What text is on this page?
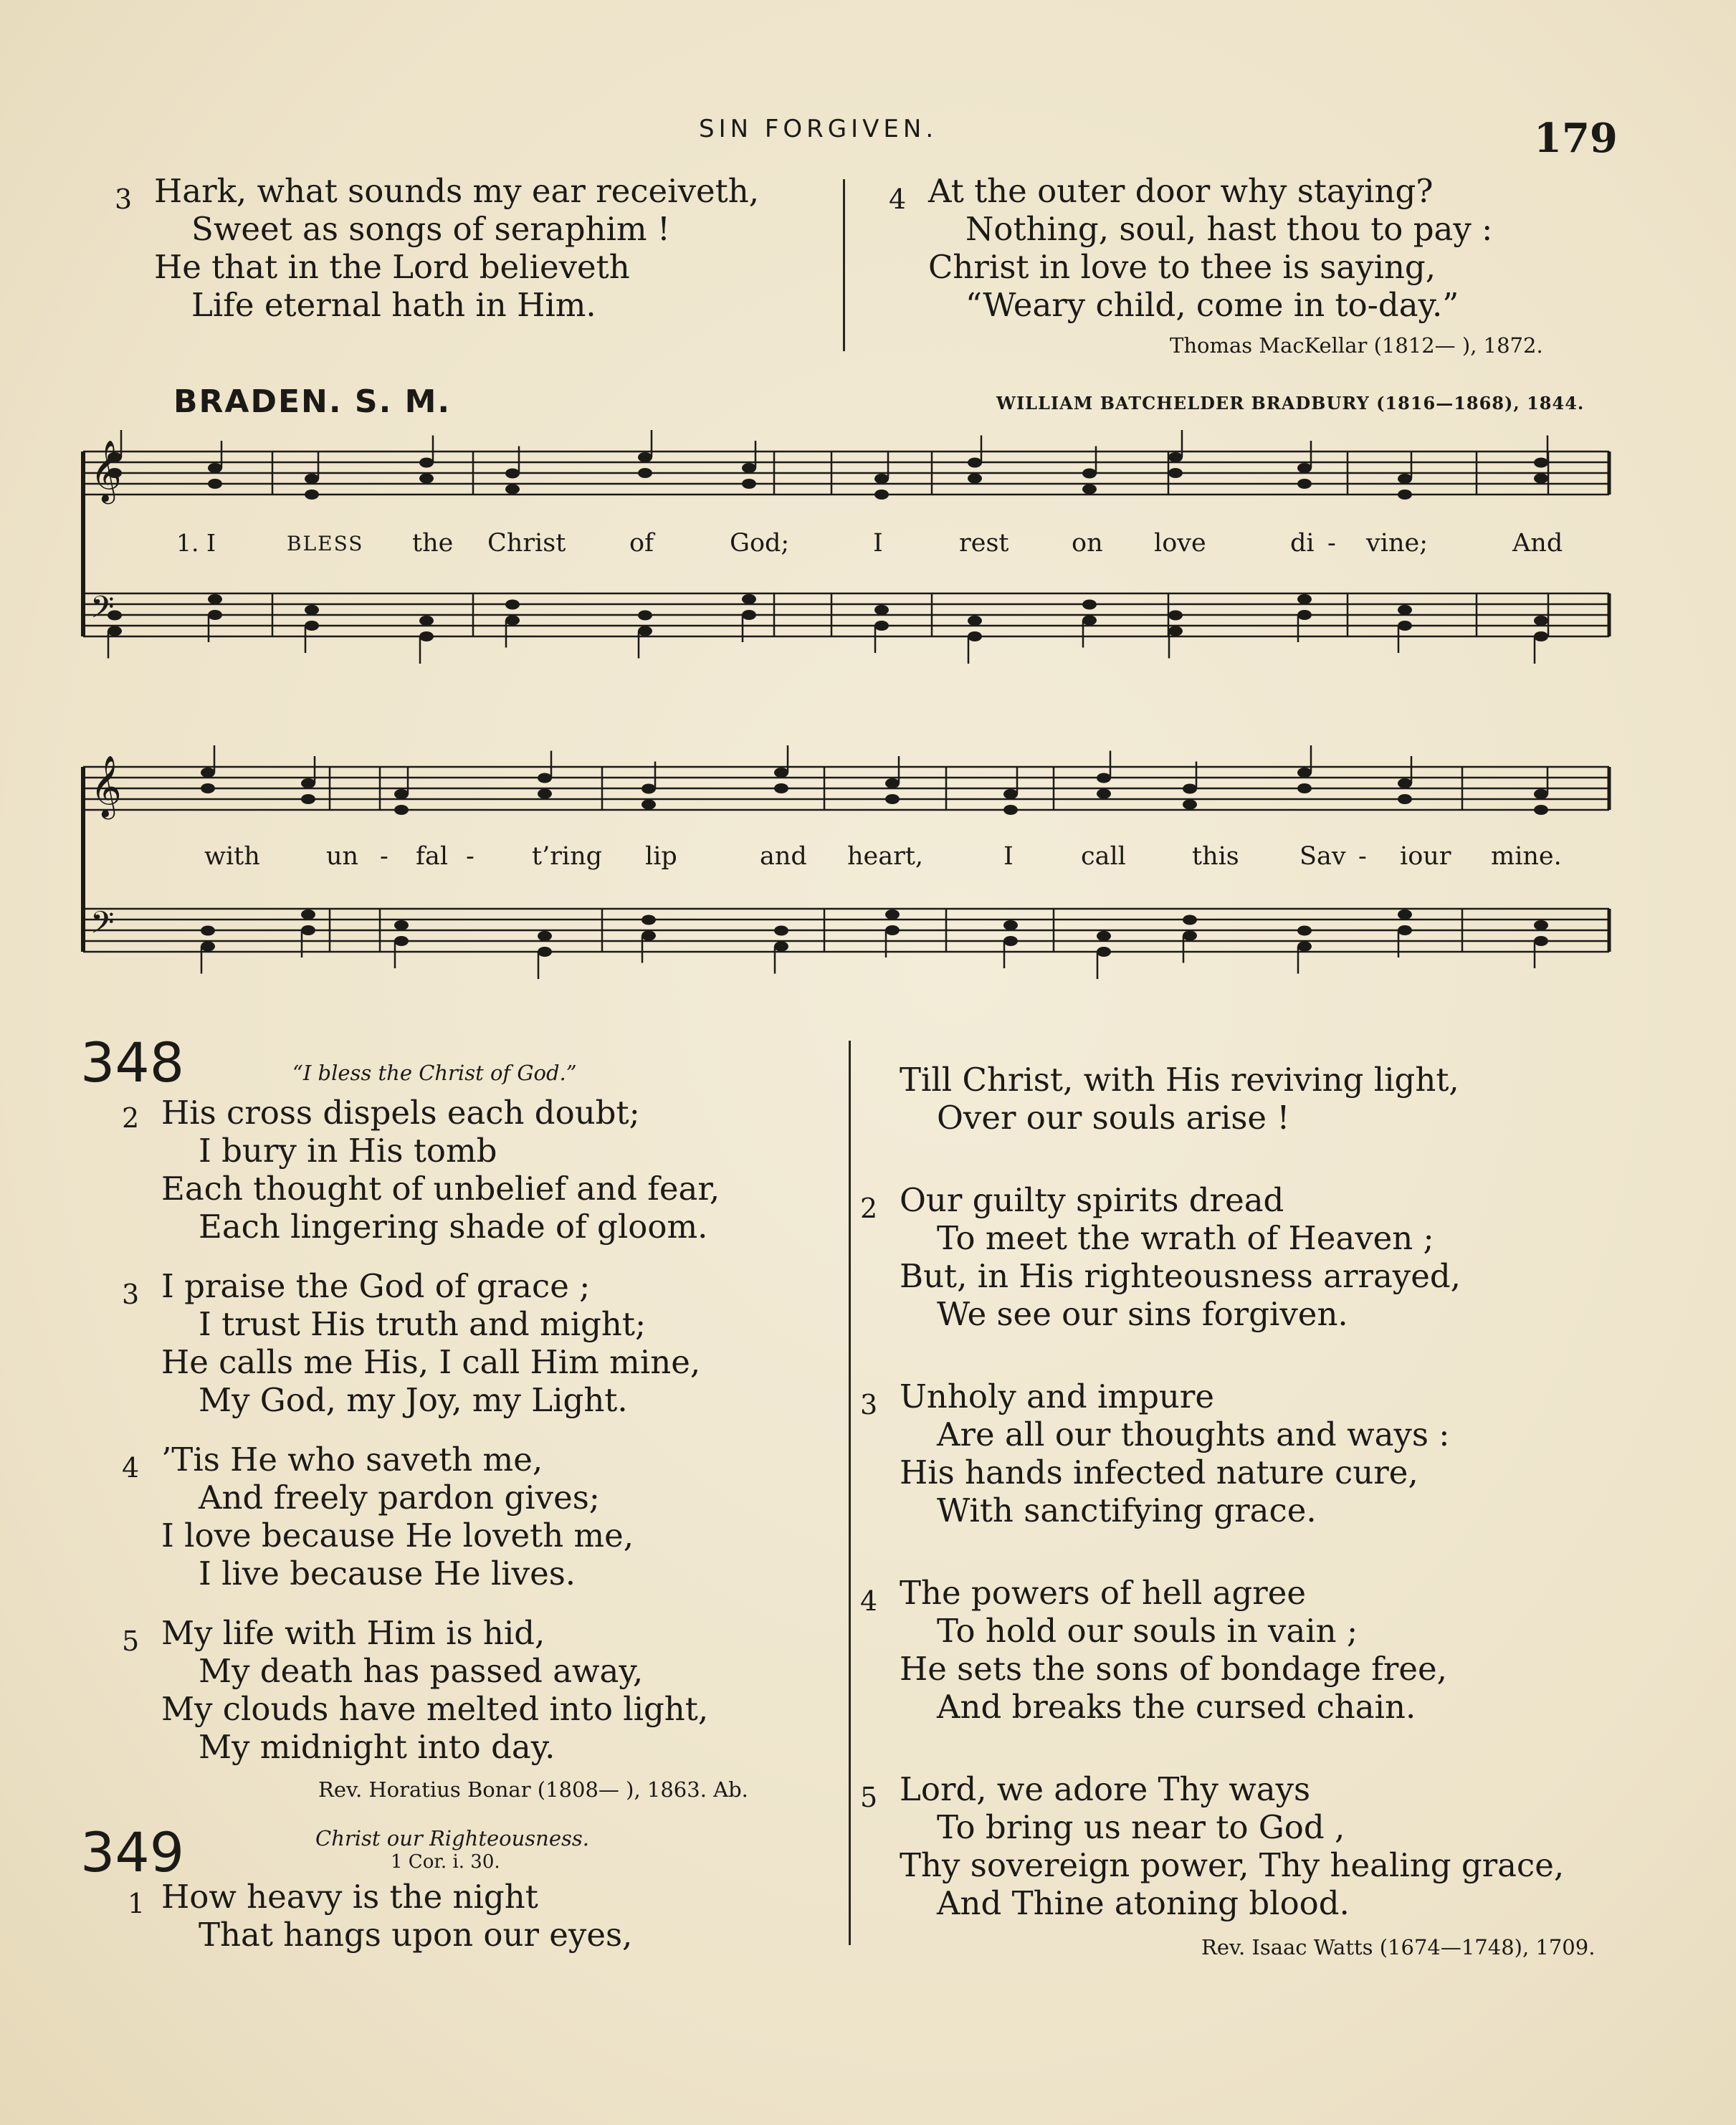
SIN FORGIVEN.	179
3 Hark, what sounds my ear receiveth,
Sweet as songs of seraphim !
He that in the Lord believeth
Life eternal hath in Him.
4 At the outer door why staying?
Nothing, soul, hast thou to pay :
Christ in love to thee is saying,
“Weary child, come in to-day.”
Thomas MacKellar (1812— ), 1872.
BRADEN. S. M.	WILLIAM BATCHELDER BRADBURY (1816—1868), 1844.
𝄞
𝄢
𝄞
𝄢
1. I	BLESS the Christ	of	God;	I	rest	on love	di - vine;	And
with	un - fal - t’ring lip	and heart,	I	call	this Sav - iour mine.
348	“I bless the Christ of God.”
2 His cross dispels each doubt;
I bury in His tomb
Each thought of unbelief and fear,
Each lingering shade of gloom.
3 I praise the God of grace ;
I trust His truth and might;
He calls me His, I call Him mine,
My God, my Joy, my Light.
4 ’Tis He who saveth me,
And freely pardon gives;
I love because He loveth me,
I live because He lives.
5 My life with Him is hid,
My death has passed away,
My clouds have melted into light,
My midnight into day.
Rev. Horatius Bonar (1808— ), 1863. Ab.
349	Christ our Righteousness.
1 Cor. i. 30.
1 How heavy is the night
That hangs upon our eyes,
Till Christ, with His reviving light,
Over our souls arise !
2 Our guilty spirits dread
To meet the wrath of Heaven ;
But, in His righteousness arrayed,
We see our sins forgiven.
3 Unholy and impure
Are all our thoughts and ways :
His hands infected nature cure,
With sanctifying grace.
4 The powers of hell agree
To hold our souls in vain ;
He sets the sons of bondage free,
And breaks the cursed chain.
5 Lord, we adore Thy ways
To bring us near to God ,
Thy sovereign power, Thy healing grace,
And Thine atoning blood.
Rev. Isaac Watts (1674—1748), 1709.
